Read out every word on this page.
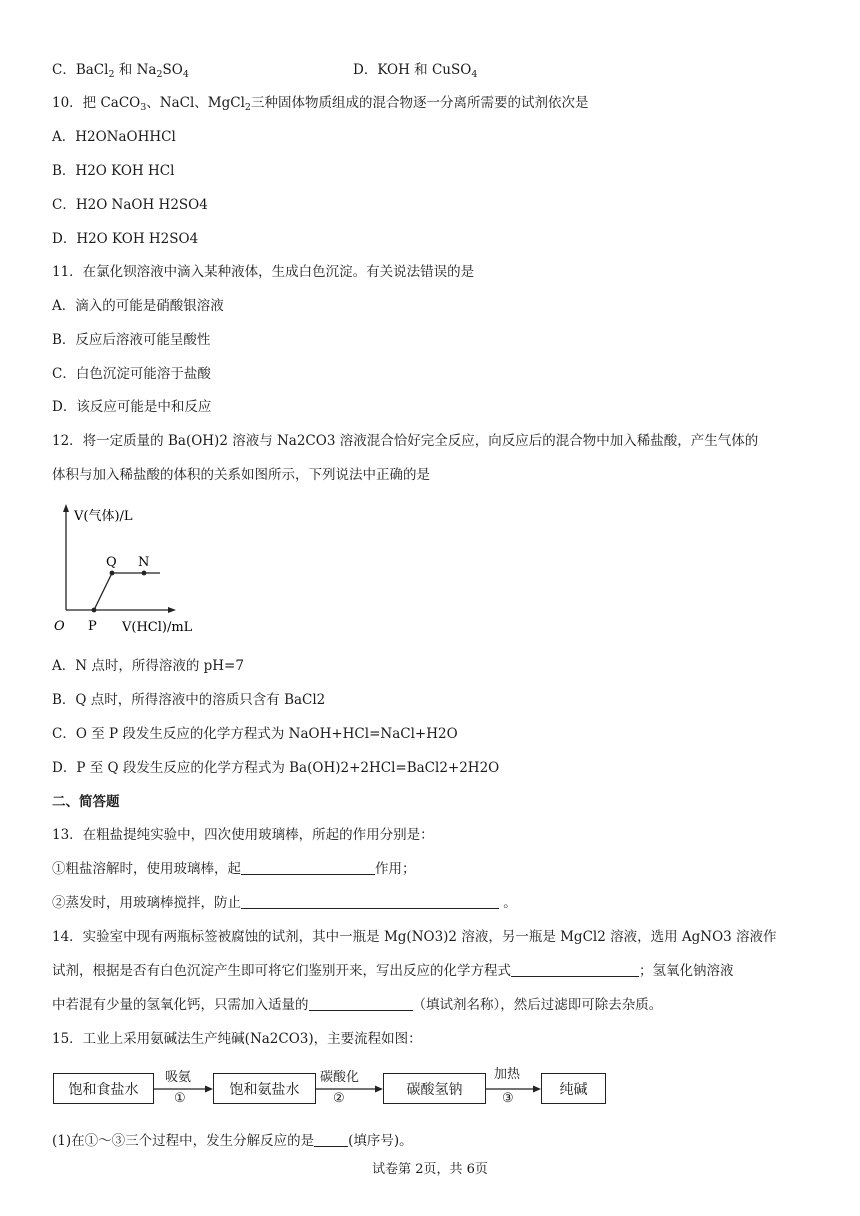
C．BaCl$_2$ 和 $Na_2SO_4$	D．KOH 和 CuSO$_4$
10．把 CaCO$_3$、NaCl、MgCl$_2$三种固体物质组成的混合物逐一分离所需要的试剂依次是
A．H2ONaOHHCl
B．H2O KOH HCl
C．H2O NaOH H2SO4
D．H2O KOH H2SO4
11．在氯化钡溶液中滴入某种液体，生成白色沉淀。有关说法错误的是
A．滴入的可能是硝酸银溶液
B．反应后溶液可能呈酸性
C．白色沉淀可能溶于盐酸
D．该反应可能是中和反应
12．将一定质量的 Ba(OH)2 溶液与 Na2CO3 溶液混合恰好完全反应，向反应后的混合物中加入稀盐酸，产生气体的
体积与加入稀盐酸的体积的关系如图所示，下列说法中正确的是
V(气体)/L
V(HCl)/mL
O P
Q N
A．N 点时，所得溶液的 pH=7
B．Q 点时，所得溶液中的溶质只含有 BaCl2
C．O 至 P 段发生反应的化学方程式为 NaOH+HCl=NaCl+H2O
D．P 至 Q 段发生反应的化学方程式为 Ba(OH)2+2HCl=BaCl2+2H2O
二、简答题
13．在粗盐提纯实验中，四次使用玻璃棒，所起的作用分别是：
①粗盐溶解时，使用玻璃棒，起	作用；
②蒸发时，用玻璃棒搅拌，防止	。
14．实验室中现有两瓶标签被腐蚀的试剂，其中一瓶是 Mg(NO3)2 溶液，另一瓶是 MgCl2 溶液，选用 AgNO3 溶液作
试剂，根据是否有白色沉淀产生即可将它们鉴别开来，写出反应的化学方程式	；氢氧化钠溶液
中若混有少量的氢氧化钙，只需加入适量的	（填试剂名称），然后过滤即可除去杂质。
15．工业上采用氨碱法生产纯碱(Na2CO3)，主要流程如图：
饱和食盐水	饱和氨盐水	碳酸氢钠	纯碱
吸氨	碳酸化	加热
①	②	③
(1)在①～③三个过程中，发生分解反应的是	(填序号)。
试卷第 2页，共 6页
